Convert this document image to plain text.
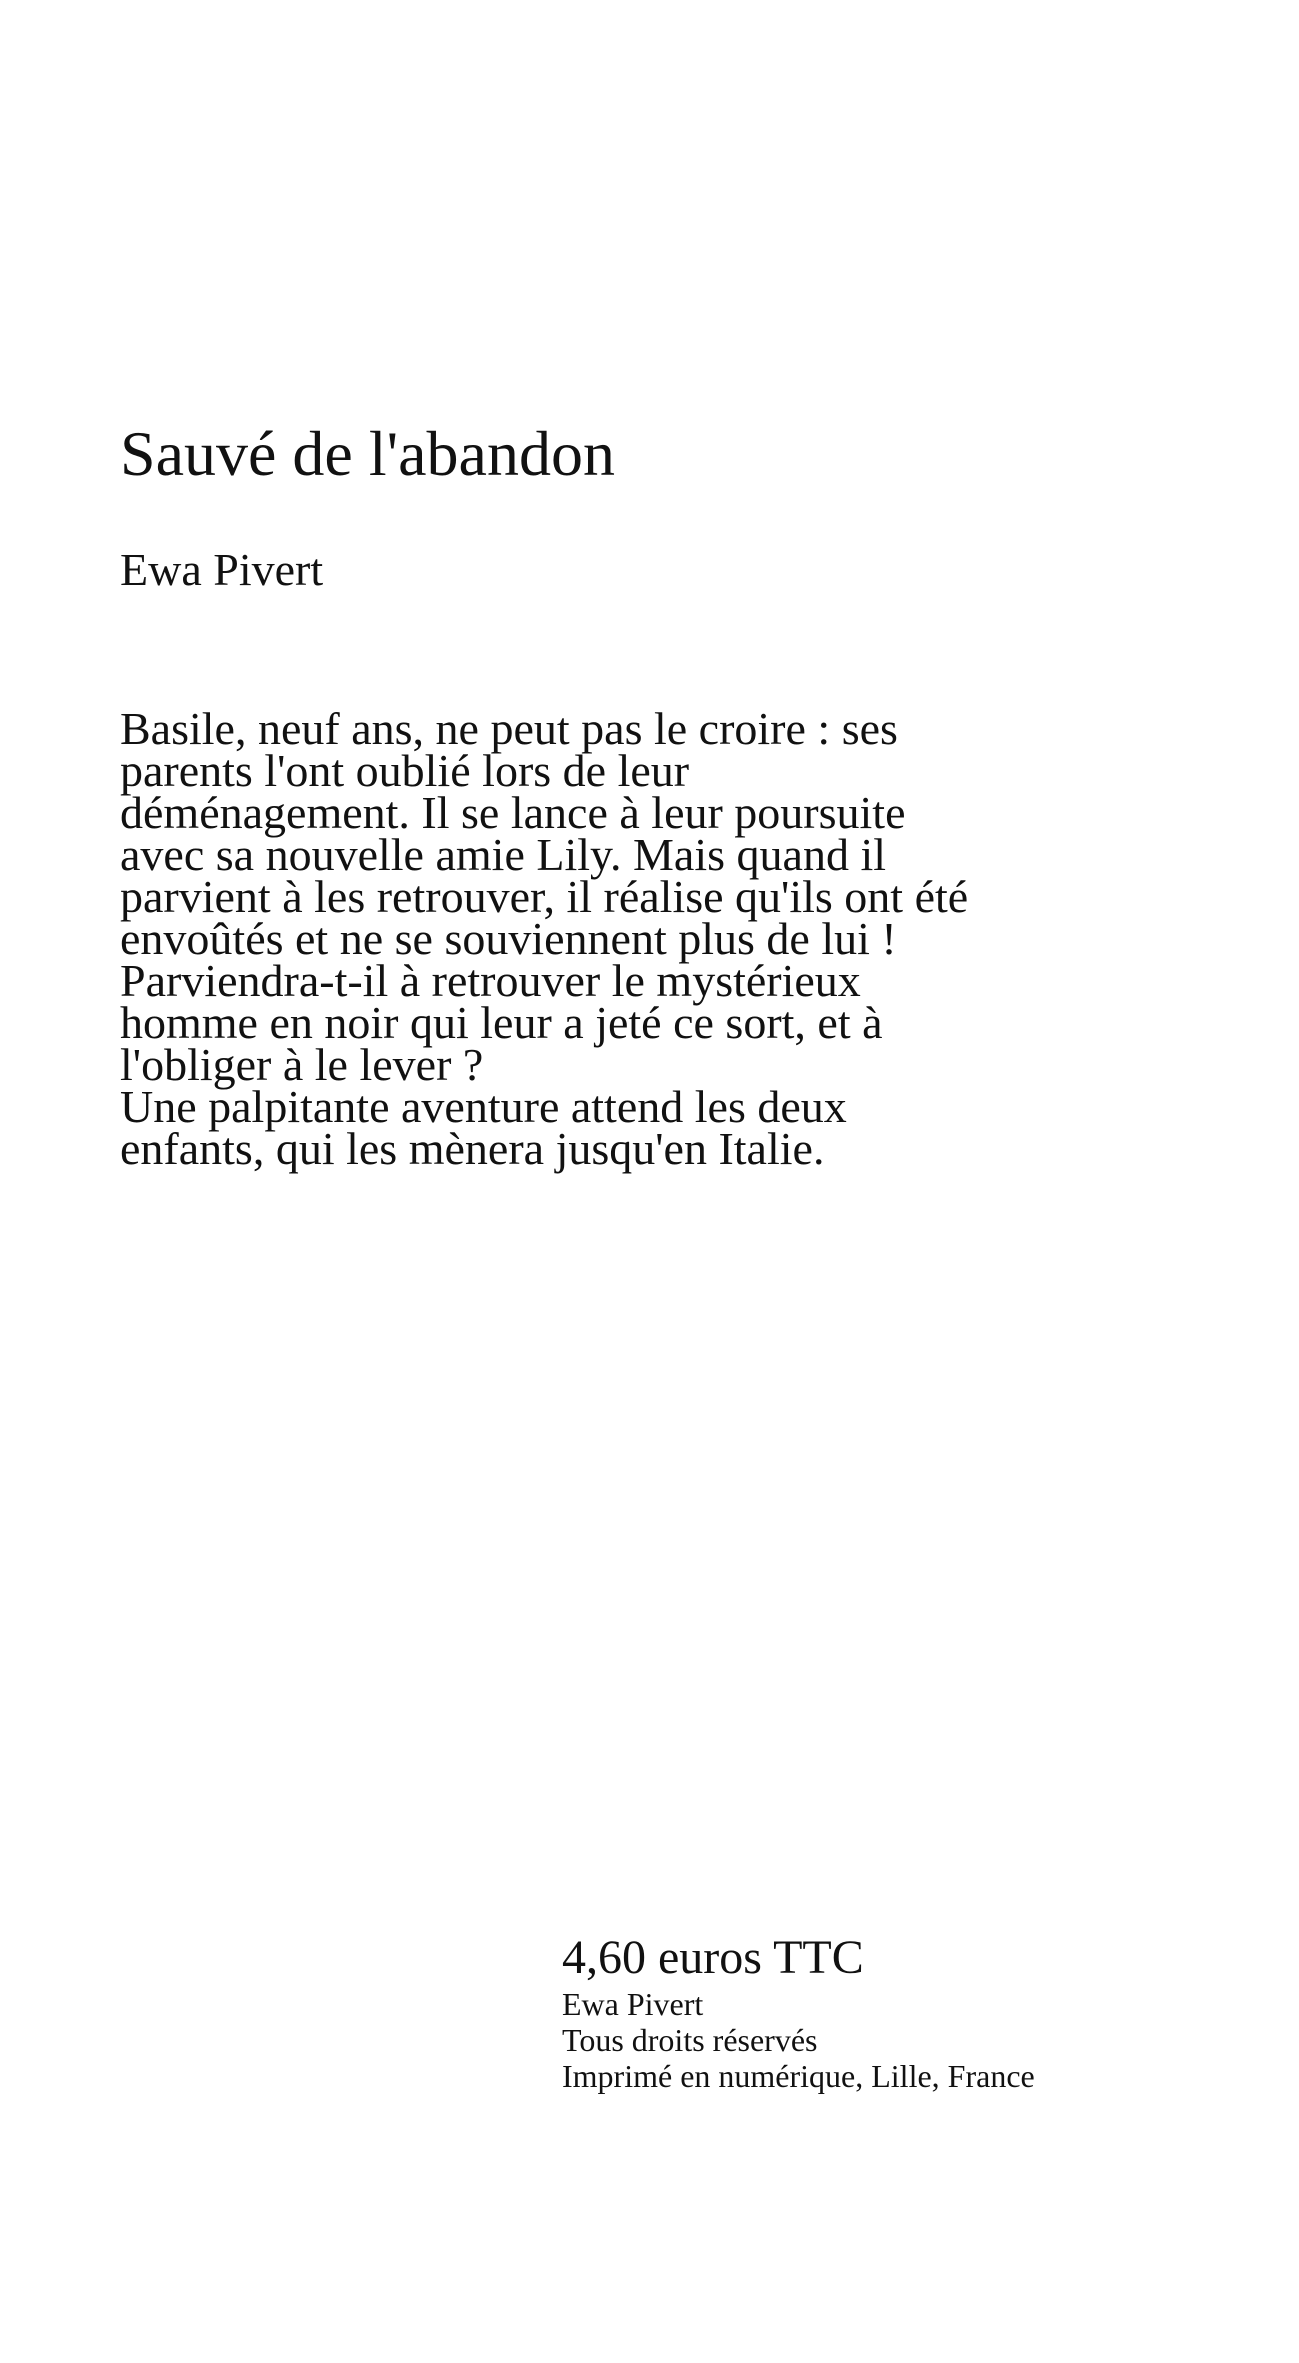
Sauvé de l'abandon
Ewa Pivert

Basile, neuf ans, ne peut pas le croire : ses parents l'ont oublié lors de leur déménagement. Il se lance à leur poursuite avec sa nouvelle amie Lily. Mais quand il parvient à les retrouver, il réalise qu'ils ont été envoûtés et ne se souviennent plus de lui ! Parviendra-t-il à retrouver le mystérieux homme en noir qui leur a jeté ce sort, et à l'obliger à le lever ?

Une palpitante aventure attend les deux enfants, qui les mènera jusqu'en Italie.

4,60 euros TTC
Ewa Pivert
Tous droits réservés
Imprimé en numérique, Lille, France
